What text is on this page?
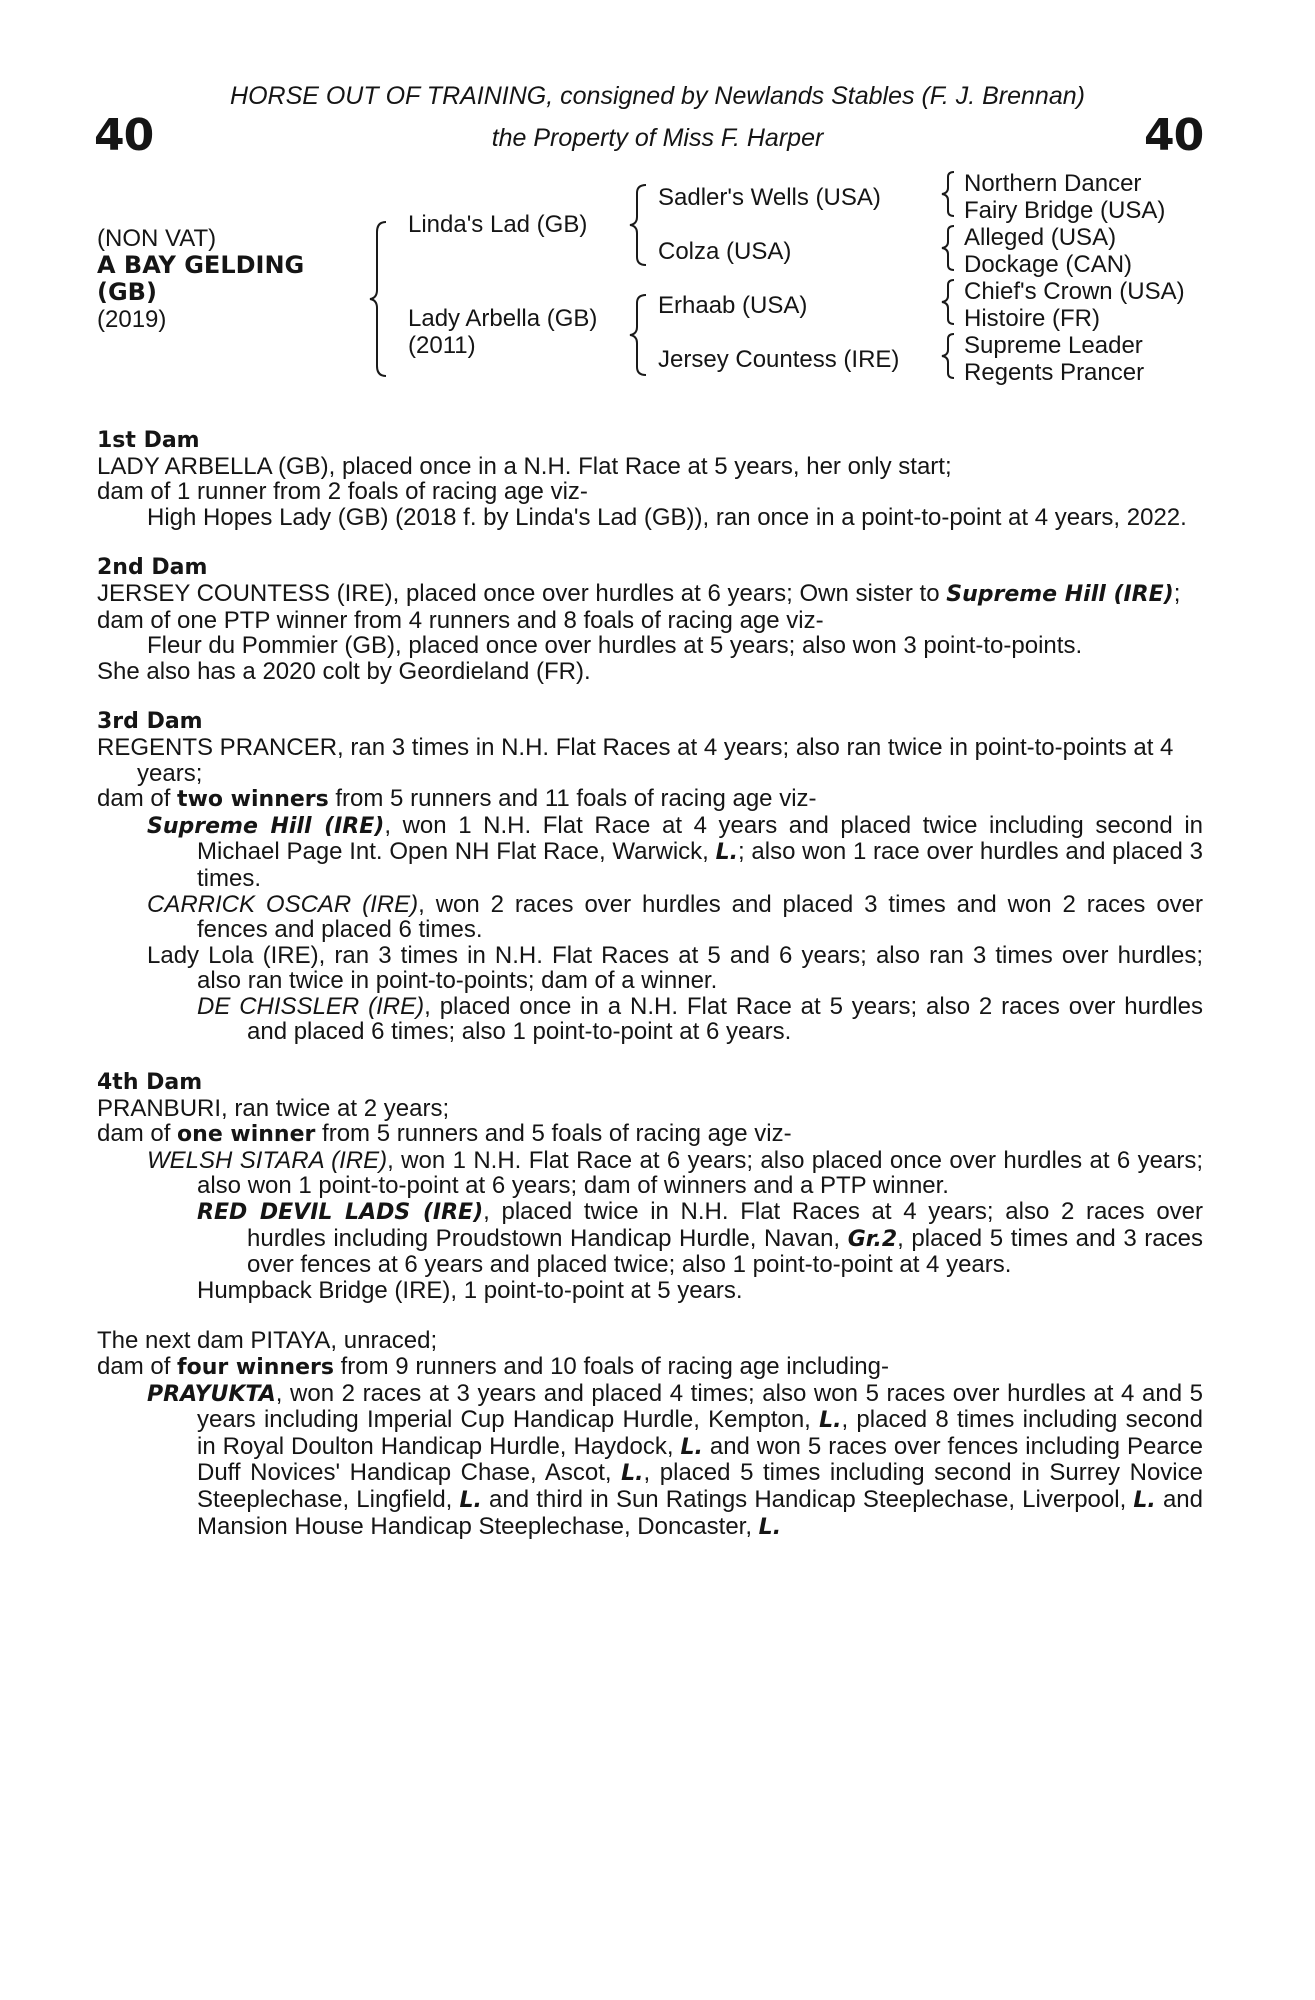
HORSE OUT OF TRAINING, consigned by Newlands Stables (F. J. Brennan)
the Property of Miss F. Harper
40	40
(NON VAT)
A BAY GELDING
(GB)
(2019)
Linda's Lad (GB)
Lady Arbella (GB)
(2011)
Sadler's Wells (USA)
Colza (USA)
Erhaab (USA)
Jersey Countess (IRE)
Northern Dancer
Fairy Bridge (USA)
Alleged (USA)
Dockage (CAN)
Chief's Crown (USA)
Histoire (FR)
Supreme Leader
Regents Prancer
1st Dam

LADY ARBELLA (GB), placed once in a N.H. Flat Race at 5 years, her only start;

dam of 1 runner from 2 foals of racing age viz-

High Hopes Lady (GB) (2018 f. by Linda's Lad (GB)), ran once in a point-to-point at 4 years, 2022.

2nd Dam

JERSEY COUNTESS (IRE), placed once over hurdles at 6 years; Own sister to Supreme Hill (IRE);

dam of one PTP winner from 4 runners and 8 foals of racing age viz-

Fleur du Pommier (GB), placed once over hurdles at 5 years; also won 3 point-to-points.

She also has a 2020 colt by Geordieland (FR).

3rd Dam

REGENTS PRANCER, ran 3 times in N.H. Flat Races at 4 years; also ran twice in point-to-points at 4 years;

dam of two winners from 5 runners and 11 foals of racing age viz-

Supreme Hill (IRE), won 1 N.H. Flat Race at 4 years and placed twice including second in Michael Page Int. Open NH Flat Race, Warwick, L.; also won 1 race over hurdles and placed 3 times.

CARRICK OSCAR (IRE), won 2 races over hurdles and placed 3 times and won 2 races over fences and placed 6 times.

Lady Lola (IRE), ran 3 times in N.H. Flat Races at 5 and 6 years; also ran 3 times over hurdles; also ran twice in point-to-points; dam of a winner.

DE CHISSLER (IRE), placed once in a N.H. Flat Race at 5 years; also 2 races over hurdles and placed 6 times; also 1 point-to-point at 6 years.

4th Dam

PRANBURI, ran twice at 2 years;

dam of one winner from 5 runners and 5 foals of racing age viz-

WELSH SITARA (IRE), won 1 N.H. Flat Race at 6 years; also placed once over hurdles at 6 years; also won 1 point-to-point at 6 years; dam of winners and a PTP winner.

RED DEVIL LADS (IRE), placed twice in N.H. Flat Races at 4 years; also 2 races over hurdles including Proudstown Handicap Hurdle, Navan, Gr.2, placed 5 times and 3 races over fences at 6 years and placed twice; also 1 point-to-point at 4 years.

Humpback Bridge (IRE), 1 point-to-point at 5 years.

The next dam PITAYA, unraced;

dam of four winners from 9 runners and 10 foals of racing age including-

PRAYUKTA, won 2 races at 3 years and placed 4 times; also won 5 races over hurdles at 4 and 5 years including Imperial Cup Handicap Hurdle, Kempton, L., placed 8 times including second in Royal Doulton Handicap Hurdle, Haydock, L. and won 5 races over fences including Pearce Duff Novices' Handicap Chase, Ascot, L., placed 5 times including second in Surrey Novice Steeplechase, Lingfield, L. and third in Sun Ratings Handicap Steeplechase, Liverpool, L. and Mansion House Handicap Steeplechase, Doncaster, L.
